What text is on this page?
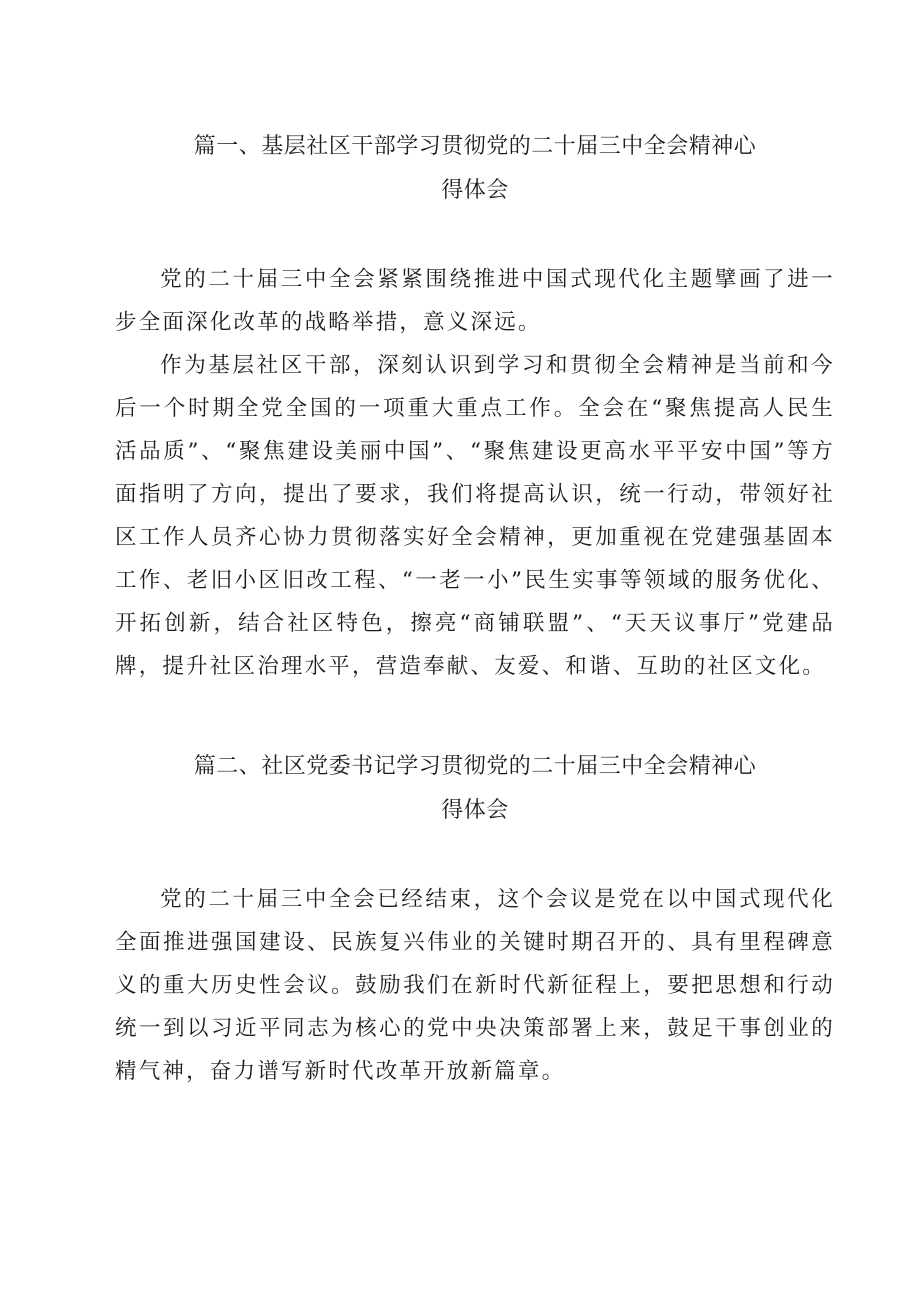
篇一、基层社区干部学习贯彻党的二十届三中全会精神心
得体会

党的二十届三中全会紧紧围绕推进中国式现代化主题擘画了进一步全面深化改革的战略举措，意义深远。

作为基层社区干部，深刻认识到学习和贯彻全会精神是当前和今后一个时期全党全国的一项重大重点工作。全会在“聚焦提高人民生活品质”、“聚焦建设美丽中国”、“聚焦建设更高水平平安中国”等方面指明了方向，提出了要求，我们将提高认识，统一行动，带领好社区工作人员齐心协力贯彻落实好全会精神，更加重视在党建强基固本工作、老旧小区旧改工程、“一老一小”民生实事等领域的服务优化、开拓创新，结合社区特色，擦亮“商铺联盟”、“天天议事厅”党建品牌，提升社区治理水平，营造奉献、友爱、和谐、互助的社区文化。

篇二、社区党委书记学习贯彻党的二十届三中全会精神心
得体会

党的二十届三中全会已经结束，这个会议是党在以中国式现代化全面推进强国建设、民族复兴伟业的关键时期召开的、具有里程碑意义的重大历史性会议。鼓励我们在新时代新征程上，要把思想和行动统一到以习近平同志为核心的党中央决策部署上来，鼓足干事创业的精气神，奋力谱写新时代改革开放新篇章。
